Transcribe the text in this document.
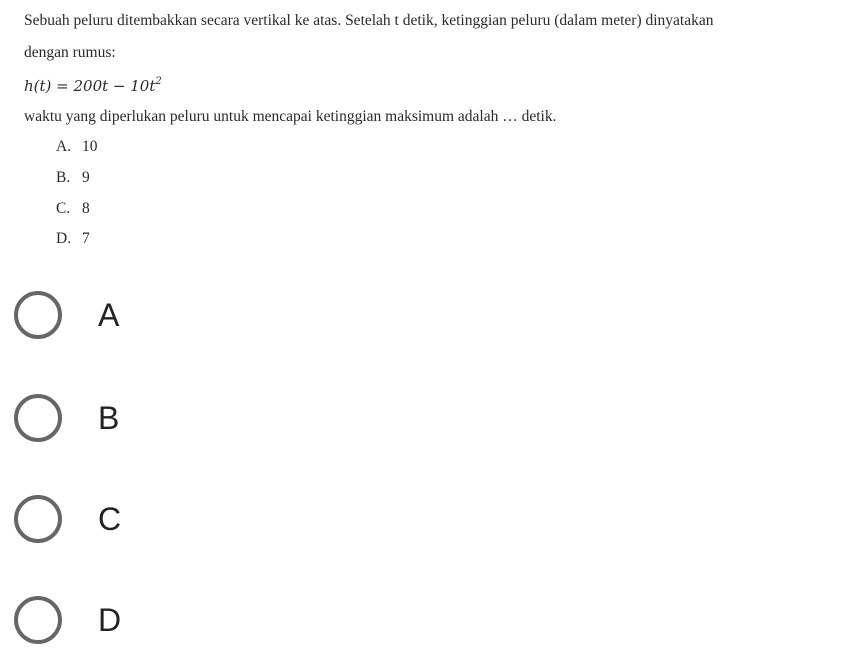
Sebuah peluru ditembakkan secara vertikal ke atas. Setelah t detik, ketinggian peluru (dalam meter) dinyatakan
dengan rumus:
$h(t) = 200t - 10t^2$
waktu yang diperlukan peluru untuk mencapai ketinggian maksimum adalah … detik.
A. 10
B. 9
C. 8
D. 7
A
B
C
D
